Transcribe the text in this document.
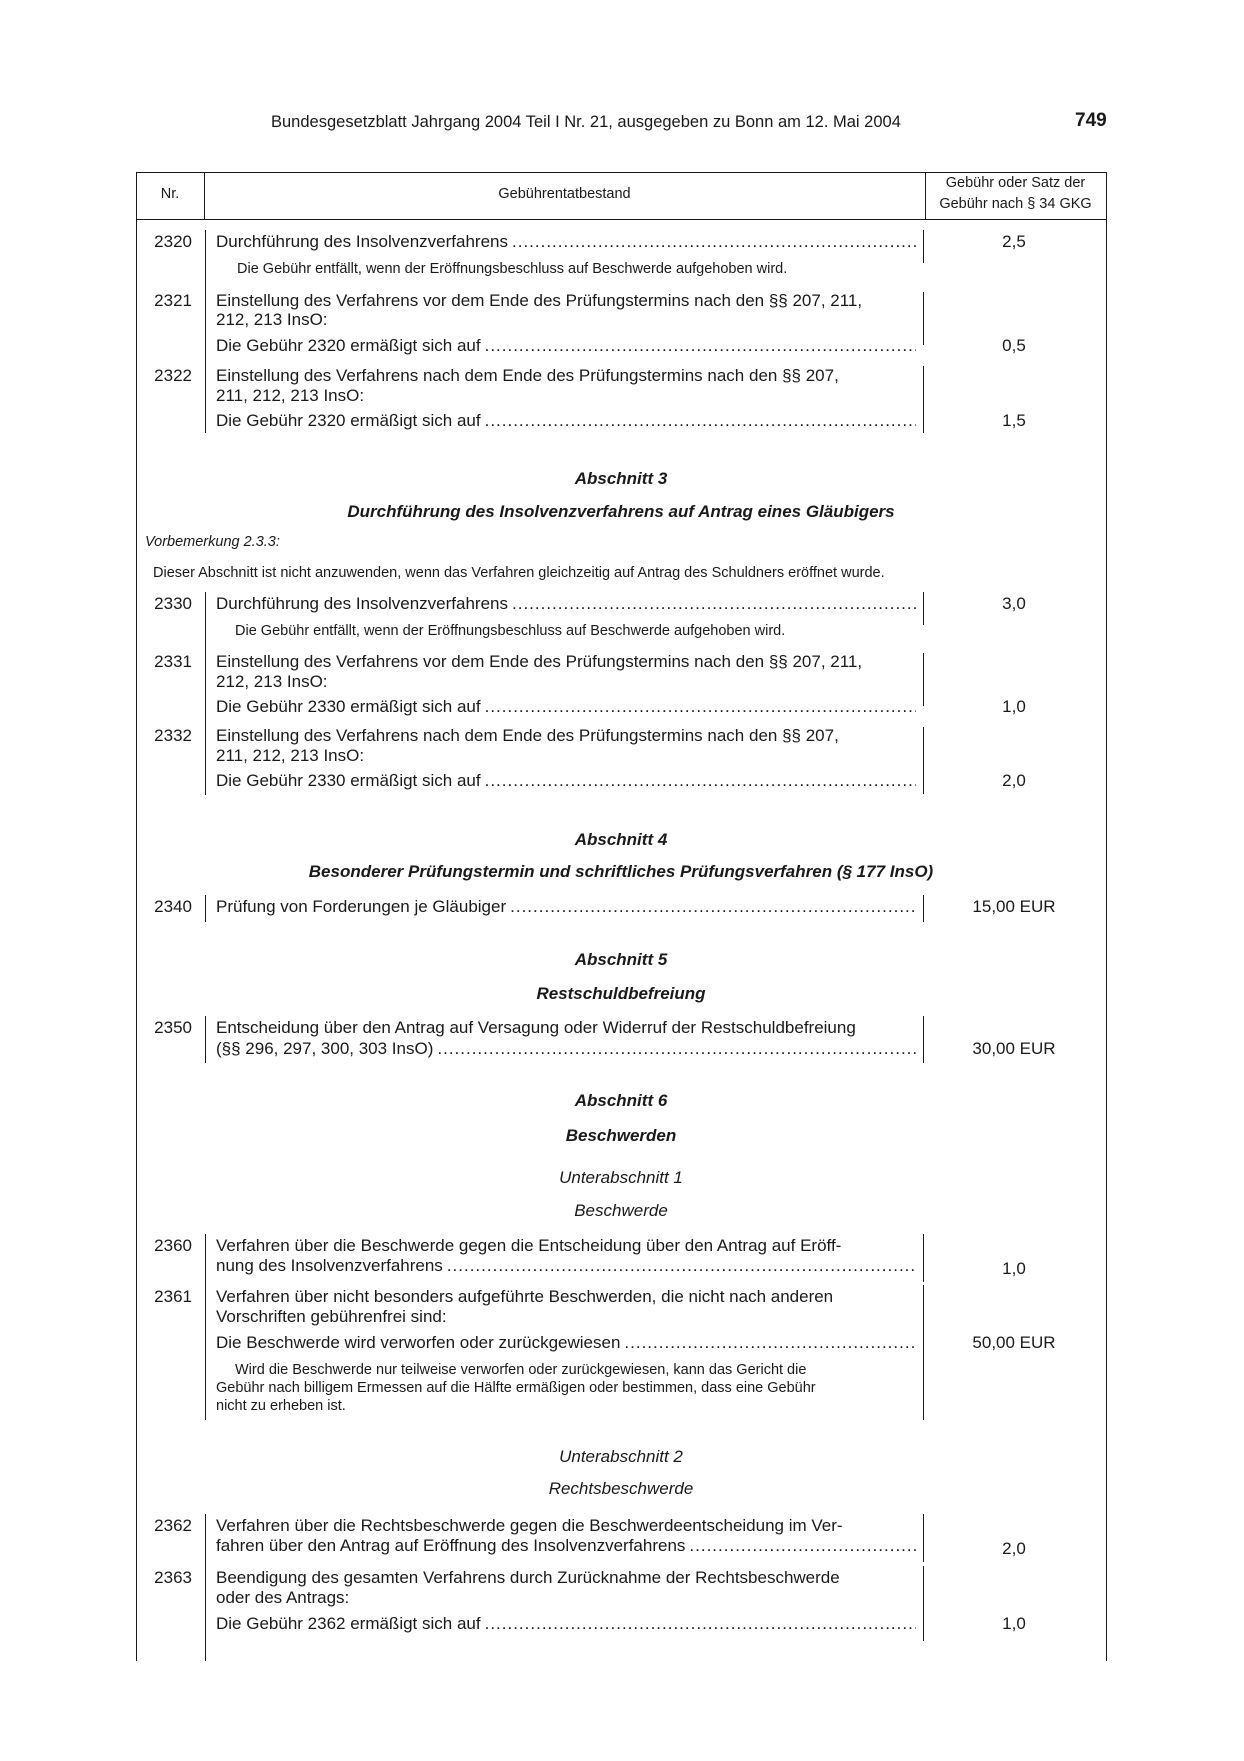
Bundesgesetzblatt Jahrgang 2004 Teil I Nr. 21, ausgegeben zu Bonn am 12. Mai 2004	749
Nr.	Gebührentatbestand
Gebühr oder Satz der
Gebühr nach § 34 GKG
2320 Durchführung des Insolvenzverfahrens .....	2,5
Die Gebühr entfällt, wenn der Eröffnungsbeschluss auf Beschwerde aufgehoben wird.
2321 Einstellung des Verfahrens vor dem Ende des Prüfungstermins nach den §§ 207, 211,
212, 213 InsO:
Die Gebühr 2320 ermäßigt sich auf .....	0,5
2322 Einstellung des Verfahrens nach dem Ende des Prüfungstermins nach den §§ 207,
211, 212, 213 InsO:
Die Gebühr 2320 ermäßigt sich auf .....	1,5
Abschnitt 3
Durchführung des Insolvenzverfahrens auf Antrag eines Gläubigers
Vorbemerkung 2.3.3:
Dieser Abschnitt ist nicht anzuwenden, wenn das Verfahren gleichzeitig auf Antrag des Schuldners eröffnet wurde.
2330 Durchführung des Insolvenzverfahrens .....	3,0
Die Gebühr entfällt, wenn der Eröffnungsbeschluss auf Beschwerde aufgehoben wird.
2331 Einstellung des Verfahrens vor dem Ende des Prüfungstermins nach den §§ 207, 211,
212, 213 InsO:
Die Gebühr 2330 ermäßigt sich auf .....	1,0
2332 Einstellung des Verfahrens nach dem Ende des Prüfungstermins nach den §§ 207,
211, 212, 213 InsO:
Die Gebühr 2330 ermäßigt sich auf .....	2,0
Abschnitt 4
Besonderer Prüfungstermin und schriftliches Prüfungsverfahren (§ 177 InsO)
2340 Prüfung von Forderungen je Gläubiger .....	15,00 EUR
Abschnitt 5
Restschuldbefreiung
2350 Entscheidung über den Antrag auf Versagung oder Widerruf der Restschuldbefreiung
(§§ 296, 297, 300, 303 InsO) .....	30,00 EUR
Abschnitt 6
Beschwerden
Unterabschnitt 1
Beschwerde
2360 Verfahren über die Beschwerde gegen die Entscheidung über den Antrag auf Eröff-
nung des Insolvenzverfahrens .....	1,0
2361 Verfahren über nicht besonders aufgeführte Beschwerden, die nicht nach anderen
Vorschriften gebührenfrei sind:
Die Beschwerde wird verworfen oder zurückgewiesen .....	50,00 EUR
Wird die Beschwerde nur teilweise verworfen oder zurückgewiesen, kann das Gericht die
Gebühr nach billigem Ermessen auf die Hälfte ermäßigen oder bestimmen, dass eine Gebühr
nicht zu erheben ist.
Unterabschnitt 2
Rechtsbeschwerde
2362 Verfahren über die Rechtsbeschwerde gegen die Beschwerdeentscheidung im Ver-
fahren über den Antrag auf Eröffnung des Insolvenzverfahrens .....	2,0
2363 Beendigung des gesamten Verfahrens durch Zurücknahme der Rechtsbeschwerde
oder des Antrags:
Die Gebühr 2362 ermäßigt sich auf .....	1,0
